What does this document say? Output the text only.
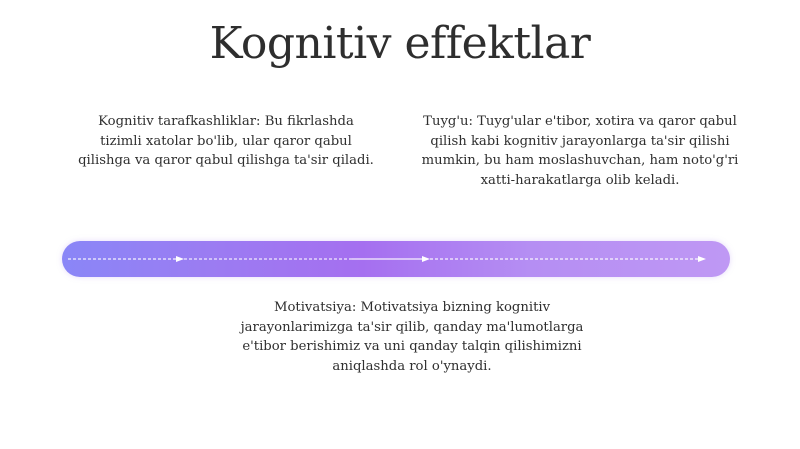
Kognitiv effektlar
Kognitiv tarafkashliklar: Bu fikrlashda tizimli xatolar bo'lib, ular qaror qabul qilishga va qaror qabul qilishga ta'sir qiladi.
Tuyg'u: Tuyg'ular e'tibor, xotira va qaror qabul qilish kabi kognitiv jarayonlarga ta'sir qilishi mumkin, bu ham moslashuvchan, ham noto'g'ri xatti-harakatlarga olib keladi.
Motivatsiya: Motivatsiya bizning kognitiv jarayonlarimizga ta'sir qilib, qanday ma'lumotlarga e'tibor berishimiz va uni qanday talqin qilishimizni aniqlashda rol o'ynaydi.
